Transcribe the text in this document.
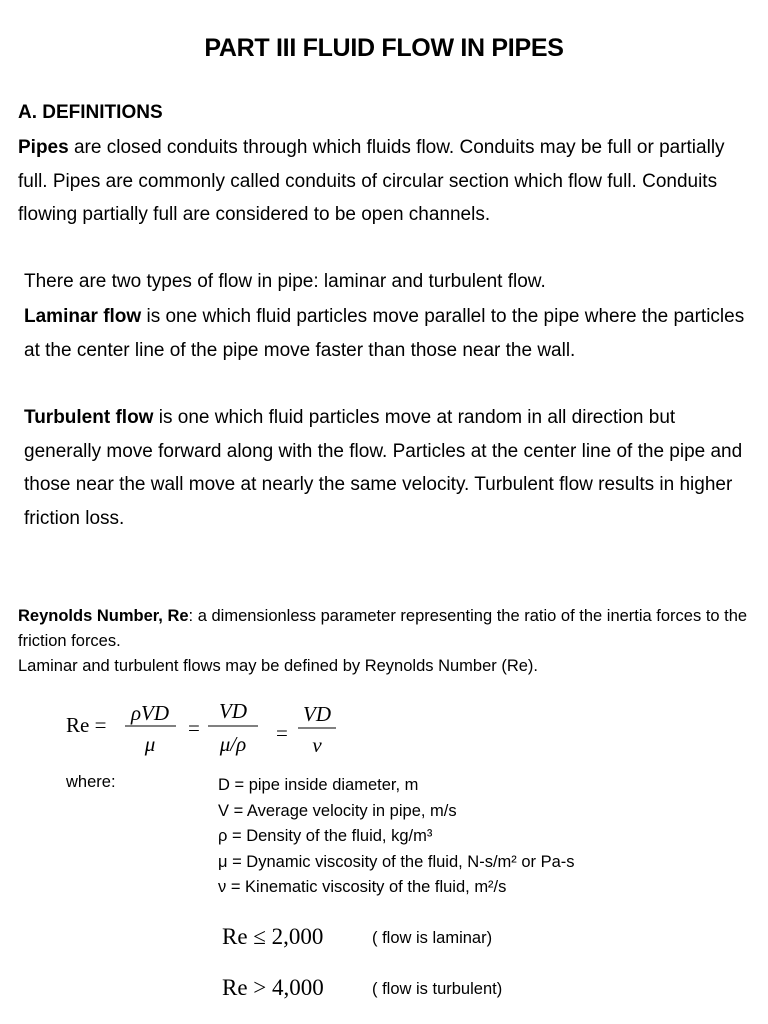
PART III FLUID FLOW IN PIPES
A. DEFINITIONS

Pipes are closed conduits through which fluids flow. Conduits may be full or partially full. Pipes are commonly called conduits of circular section which flow full. Conduits flowing partially full are considered to be open channels.

There are two types of flow in pipe: laminar and turbulent flow.

Laminar flow is one which fluid particles move parallel to the pipe where the particles at the center line of the pipe move faster than those near the wall.

Turbulent flow is one which fluid particles move at random in all direction but generally move forward along with the flow. Particles at the center line of the pipe and those near the wall move at nearly the same velocity. Turbulent flow results in higher friction loss.

Reynolds Number, Re: a dimensionless parameter representing the ratio of the inertia forces to the friction forces.

Laminar and turbulent flows may be defined by Reynolds Number (Re).

Re = ρVD
μ
=
VD
μ/ρ =
VD
ν
where:	D = pipe inside diameter, m
V = Average velocity in pipe, m/s
ρ = Density of the fluid, kg/m³
μ = Dynamic viscosity of the fluid, N-s/m² or Pa-s
ν = Kinematic viscosity of the fluid, m²/s
Re ≤ 2,000	( flow is laminar)
Re > 4,000	( flow is turbulent)
